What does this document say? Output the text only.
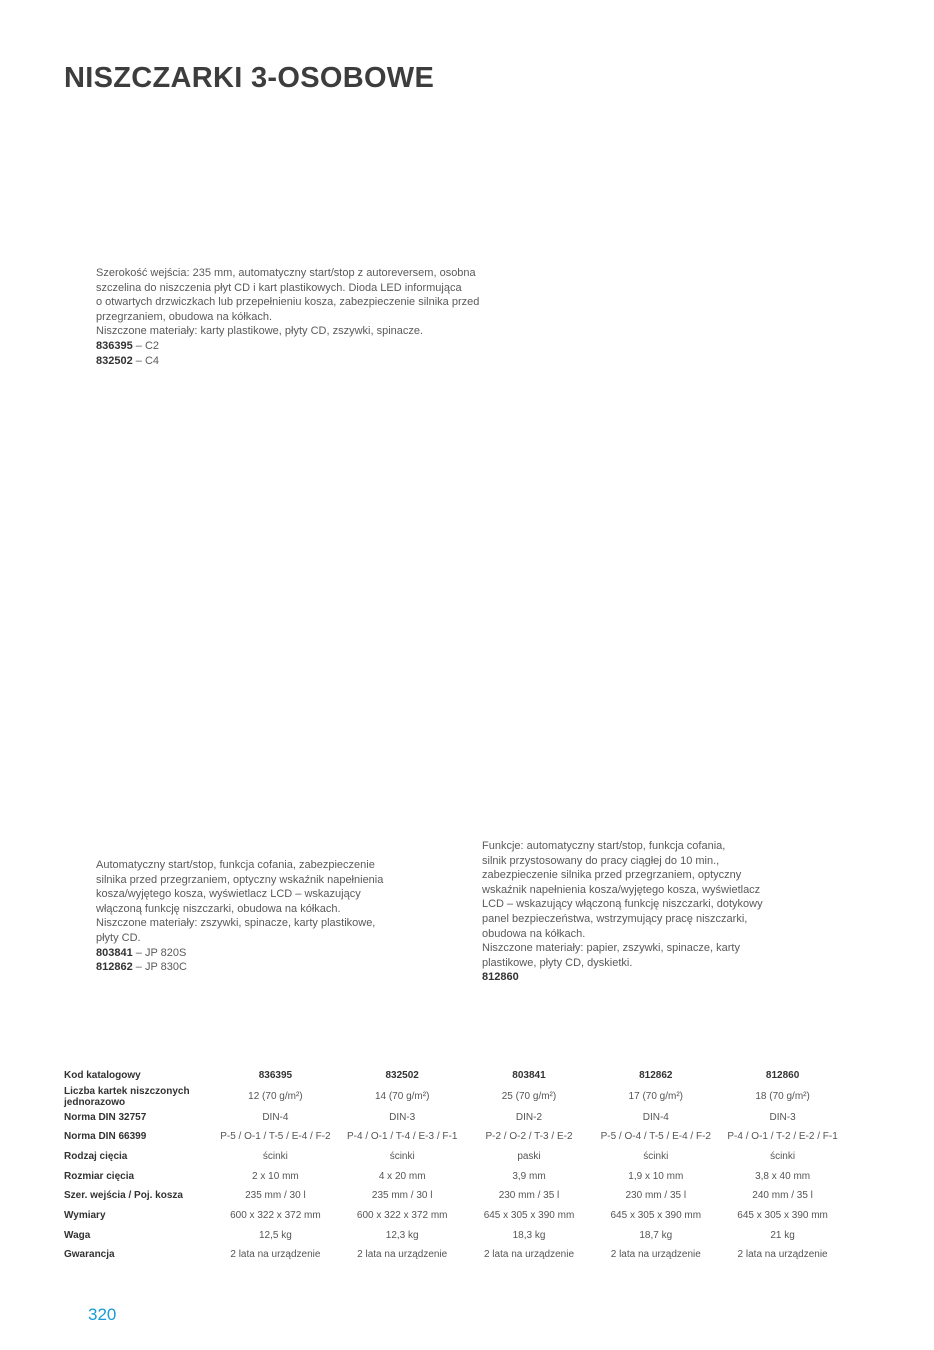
NISZCZARKI 3-OSOBOWE

Szerokość wejścia: 235 mm, automatyczny start/stop z autoreversem, osobna

szczelina do niszczenia płyt CD i kart plastikowych. Dioda LED informująca

o otwartych drzwiczkach lub przepełnieniu kosza, zabezpieczenie silnika przed

przegrzaniem, obudowa na kółkach.

Niszczone materiały: karty plastikowe, płyty CD, zszywki, spinacze.

836395 – C2

832502 – C4

Automatyczny start/stop, funkcja cofania, zabezpieczenie

silnika przed przegrzaniem, optyczny wskaźnik napełnienia

kosza/wyjętego kosza, wyświetlacz LCD – wskazujący

włączoną funkcję niszczarki, obudowa na kółkach.

Niszczone materiały: zszywki, spinacze, karty plastikowe,

płyty CD.

803841 – JP 820S

812862 – JP 830C

Funkcje: automatyczny start/stop, funkcja cofania,

silnik przystosowany do pracy ciągłej do 10 min.,

zabezpieczenie silnika przed przegrzaniem, optyczny

wskaźnik napełnienia kosza/wyjętego kosza, wyświetlacz

LCD – wskazujący włączoną funkcję niszczarki, dotykowy

panel bezpieczeństwa, wstrzymujący pracę niszczarki,

obudowa na kółkach.

Niszczone materiały: papier, zszywki, spinacze, karty

plastikowe, płyty CD, dyskietki.

812860

Kod katalogowy	836395	832502	803841	812862	812860
Liczba kartek niszczonych jednorazowo	12 (70 g/m²)	14 (70 g/m²)	25 (70 g/m²)	17 (70 g/m²)	18 (70 g/m²)
Norma DIN 32757	DIN-4	DIN-3	DIN-2	DIN-4	DIN-3
Norma DIN 66399	P-5 / O-1 / T-5 / E-4 / F-2	P-4 / O-1 / T-4 / E-3 / F-1	P-2 / O-2 / T-3 / E-2	P-5 / O-4 / T-5 / E-4 / F-2	P-4 / O-1 / T-2 / E-2 / F-1
Rodzaj cięcia	ścinki	ścinki	paski	ścinki	ścinki
Rozmiar cięcia	2 x 10 mm	4 x 20 mm	3,9 mm	1,9 x 10 mm	3,8 x 40 mm
Szer. wejścia / Poj. kosza	235 mm / 30 l	235 mm / 30 l	230 mm / 35 l	230 mm / 35 l	240 mm / 35 l
Wymiary	600 x 322 x 372 mm	600 x 322 x 372 mm	645 x 305 x 390 mm	645 x 305 x 390 mm	645 x 305 x 390 mm
Waga	12,5 kg	12,3 kg	18,3 kg	18,7 kg	21 kg
Gwarancja	2 lata na urządzenie	2 lata na urządzenie	2 lata na urządzenie	2 lata na urządzenie	2 lata na urządzenie
320
